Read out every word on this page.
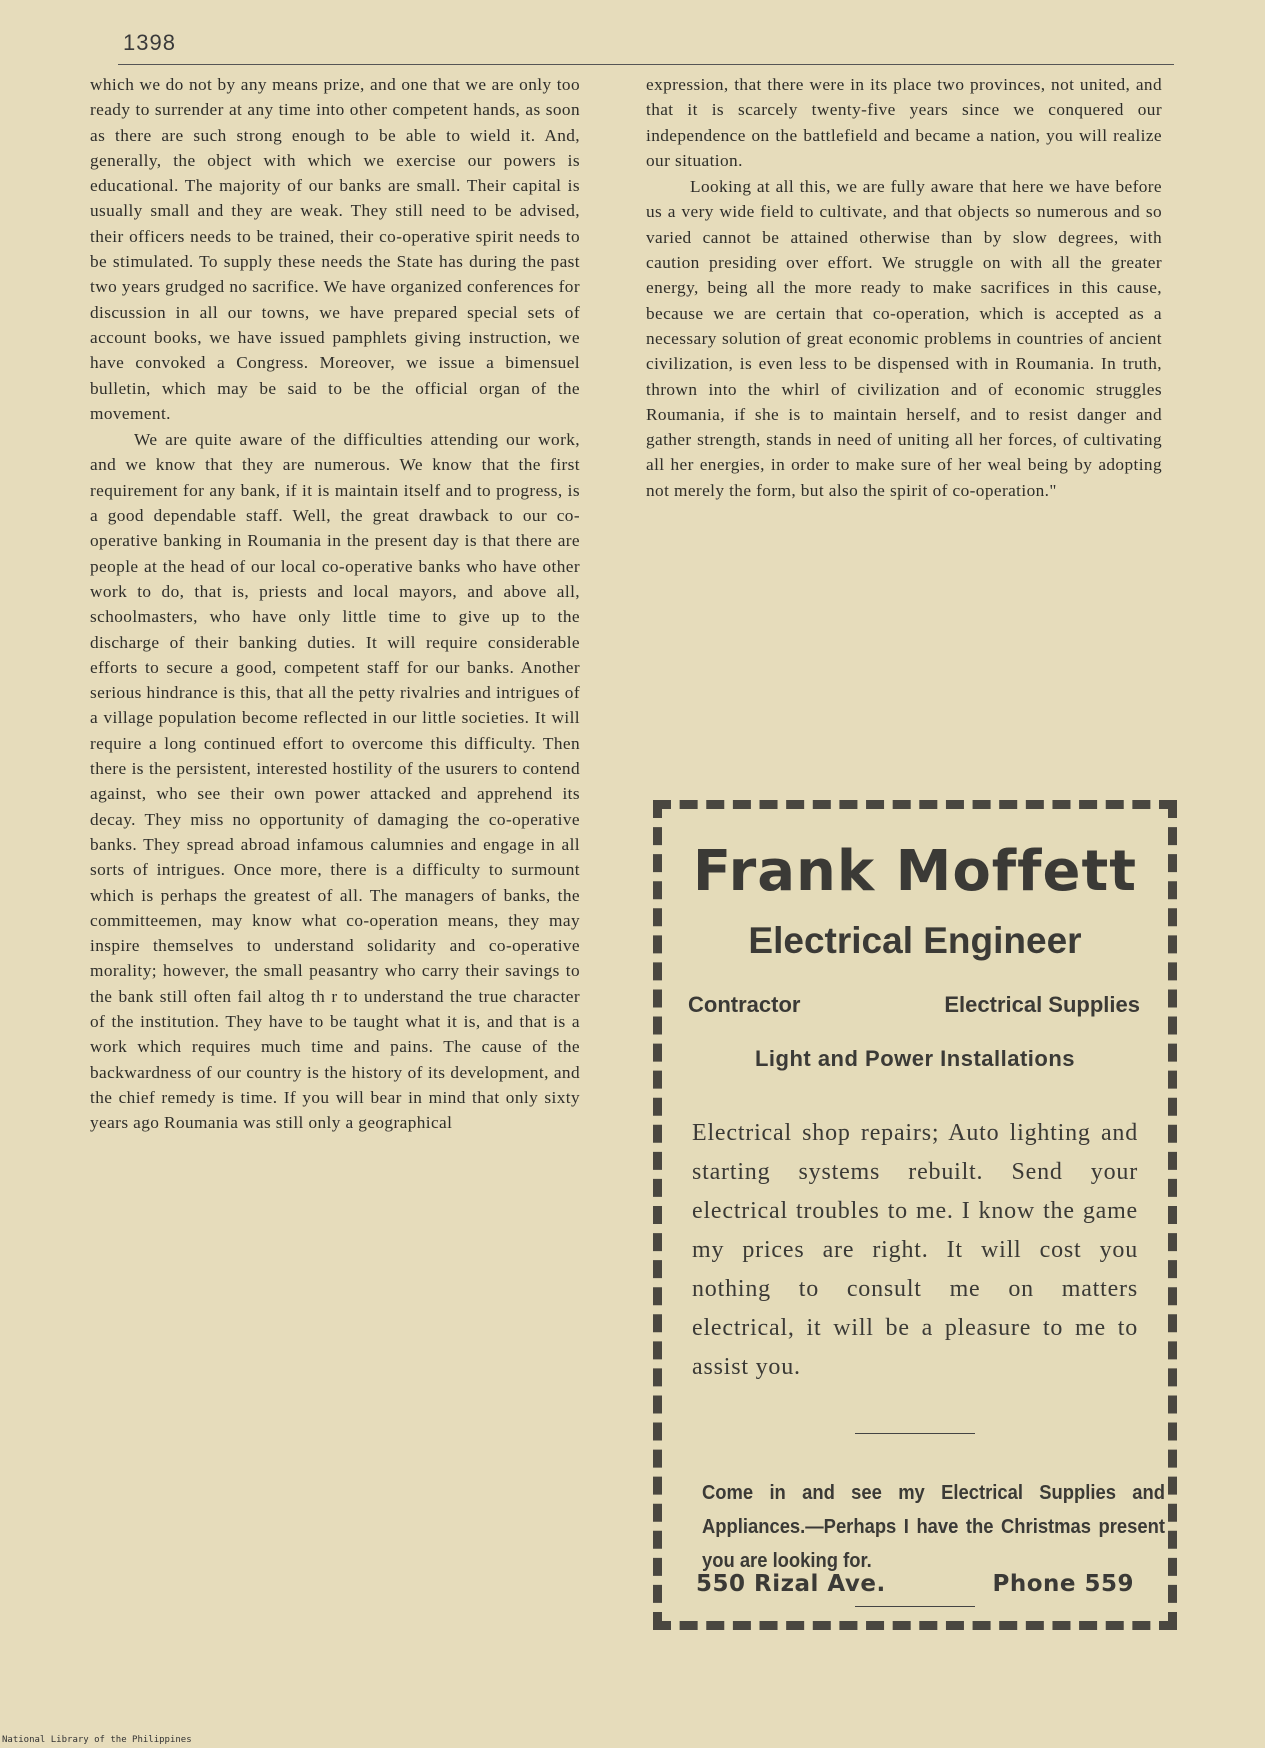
1398

which we do not by any means prize, and one that we are only too ready to surrender at any time into other competent hands, as soon as there are such strong enough to be able to wield it. And, generally, the object with which we exercise our powers is educational. The majority of our banks are small. Their capital is usually small and they are weak. They still need to be advised, their officers needs to be trained, their co-operative spirit needs to be stimulated. To supply these needs the State has during the past two years grudged no sacrifice. We have organized conferences for discussion in all our towns, we have prepared special sets of account books, we have issued pamphlets giving instruction, we have convoked a Congress. Moreover, we issue a bimensuel bulletin, which may be said to be the official organ of the movement.

We are quite aware of the difficulties attending our work, and we know that they are numerous. We know that the first requirement for any bank, if it is maintain itself and to progress, is a good dependable staff. Well, the great drawback to our co-operative banking in Roumania in the present day is that there are people at the head of our local co-operative banks who have other work to do, that is, priests and local mayors, and above all, schoolmasters, who have only little time to give up to the discharge of their banking duties. It will require considerable efforts to secure a good, competent staff for our banks. Another serious hindrance is this, that all the petty rivalries and intrigues of a village population become reflected in our little societies. It will require a long continued effort to overcome this difficulty. Then there is the persistent, interested hostility of the usurers to contend against, who see their own power attacked and apprehend its decay. They miss no opportunity of damaging the co-operative banks. They spread abroad infamous calumnies and engage in all sorts of intrigues. Once more, there is a difficulty to surmount which is perhaps the greatest of all. The managers of banks, the committeemen, may know what co-operation means, they may inspire themselves to understand solidarity and co-operative morality; however, the small peasantry who carry their savings to the bank still often fail altog th r to understand the true character of the institution. They have to be taught what it is, and that is a work which requires much time and pains. The cause of the backwardness of our country is the history of its development, and the chief remedy is time. If you will bear in mind that only sixty years ago Roumania was still only a geographical

expression, that there were in its place two provinces, not united, and that it is scarcely twenty-five years since we conquered our independence on the battlefield and became a nation, you will realize our situation.

Looking at all this, we are fully aware that here we have before us a very wide field to cultivate, and that objects so numerous and so varied cannot be attained otherwise than by slow degrees, with caution presiding over effort. We struggle on with all the greater energy, being all the more ready to make sacrifices in this cause, because we are certain that co-operation, which is accepted as a necessary solution of great economic problems in countries of ancient civilization, is even less to be dispensed with in Roumania. In truth, thrown into the whirl of civilization and of economic struggles Roumania, if she is to maintain herself, and to resist danger and gather strength, stands in need of uniting all her forces, of cultivating all her energies, in order to make sure of her weal being by adopting not merely the form, but also the spirit of co-operation."

Frank Moffett
Electrical Engineer
Contractor	Electrical Supplies
Light and Power Installations
Electrical shop repairs; Auto lighting and starting systems rebuilt. Send your electrical troubles to me. I know the game my prices are right. It will cost you nothing to consult me on matters electrical, it will be a pleasure to me to assist you.
Come in and see my Electrical Supplies and Appliances.—Perhaps I have the Christmas present you are looking for.
550 Rizal Ave.	Phone 559
National Library of the Philippines
